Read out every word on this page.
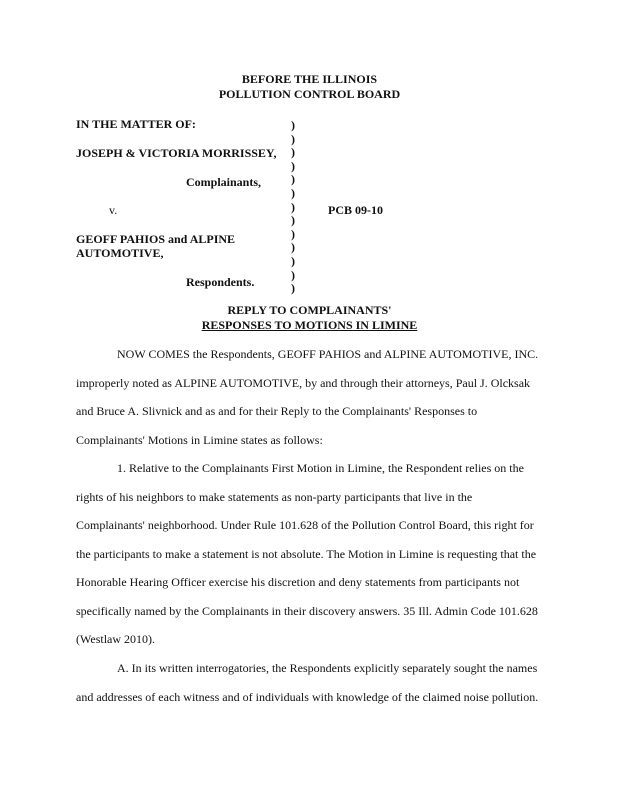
BEFORE THE ILLINOIS
POLLUTION CONTROL BOARD
IN THE MATTER OF:
JOSEPH & VICTORIA MORRISSEY,
Complainants,
v.	PCB 09-10
GEOFF PAHIOS and ALPINE
AUTOMOTIVE,
Respondents.
)
)
)
)
)
)
)
)
)
)
)
)
)
REPLY TO COMPLAINANTS'
RESPONSES TO MOTIONS IN LIMINE
NOW COMES the Respondents, GEOFF PAHIOS and ALPINE AUTOMOTIVE, INC.
improperly noted as ALPINE AUTOMOTIVE, by and through their attorneys, Paul J. Olcksak
and Bruce A. Slivnick and as and for their Reply to the Complainants' Responses to
Complainants' Motions in Limine states as follows:
1. Relative to the Complainants First Motion in Limine, the Respondent relies on the
rights of his neighbors to make statements as non-party participants that live in the
Complainants' neighborhood. Under Rule 101.628 of the Pollution Control Board, this right for
the participants to make a statement is not absolute. The Motion in Limine is requesting that the
Honorable Hearing Officer exercise his discretion and deny statements from participants not
specifically named by the Complainants in their discovery answers. 35 Ill. Admin Code 101.628
(Westlaw 2010).
A. In its written interrogatories, the Respondents explicitly separately sought the names
and addresses of each witness and of individuals with knowledge of the claimed noise pollution.
